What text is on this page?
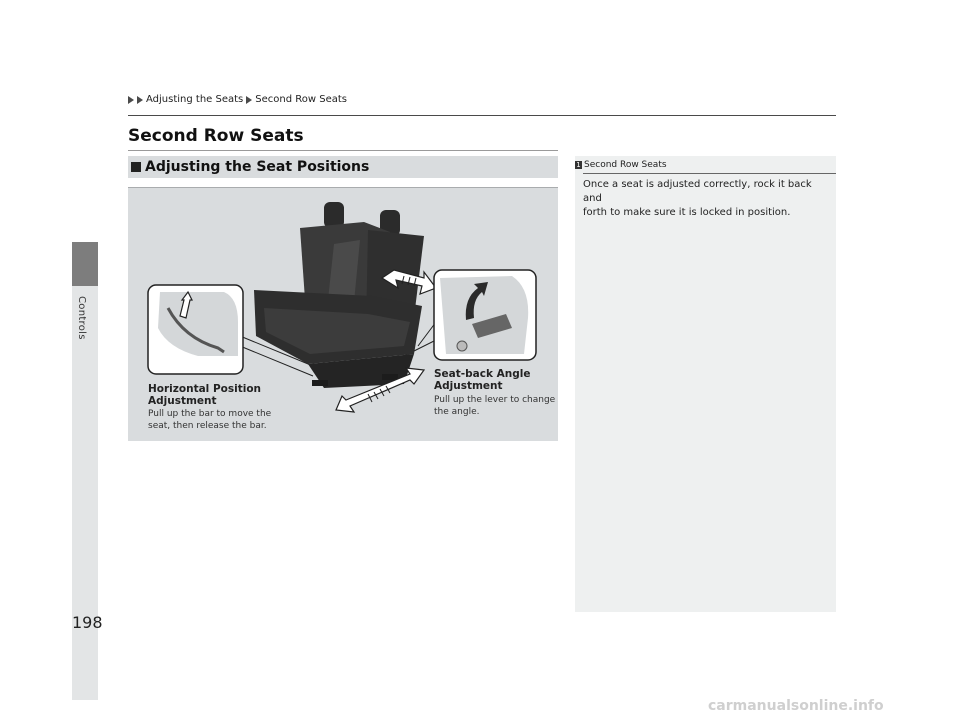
Controls
Adjusting the Seats Second Row Seats
Second Row Seats
Adjusting the Seat Positions
Horizontal Position
Adjustment
Pull up the bar to move the
seat, then release the bar.
Seat-back Angle
Adjustment
Pull up the lever to change
the angle.
1 Second Row Seats
Once a seat is adjusted correctly, rock it back and
forth to make sure it is locked in position.
198
carmanualsonline.info
